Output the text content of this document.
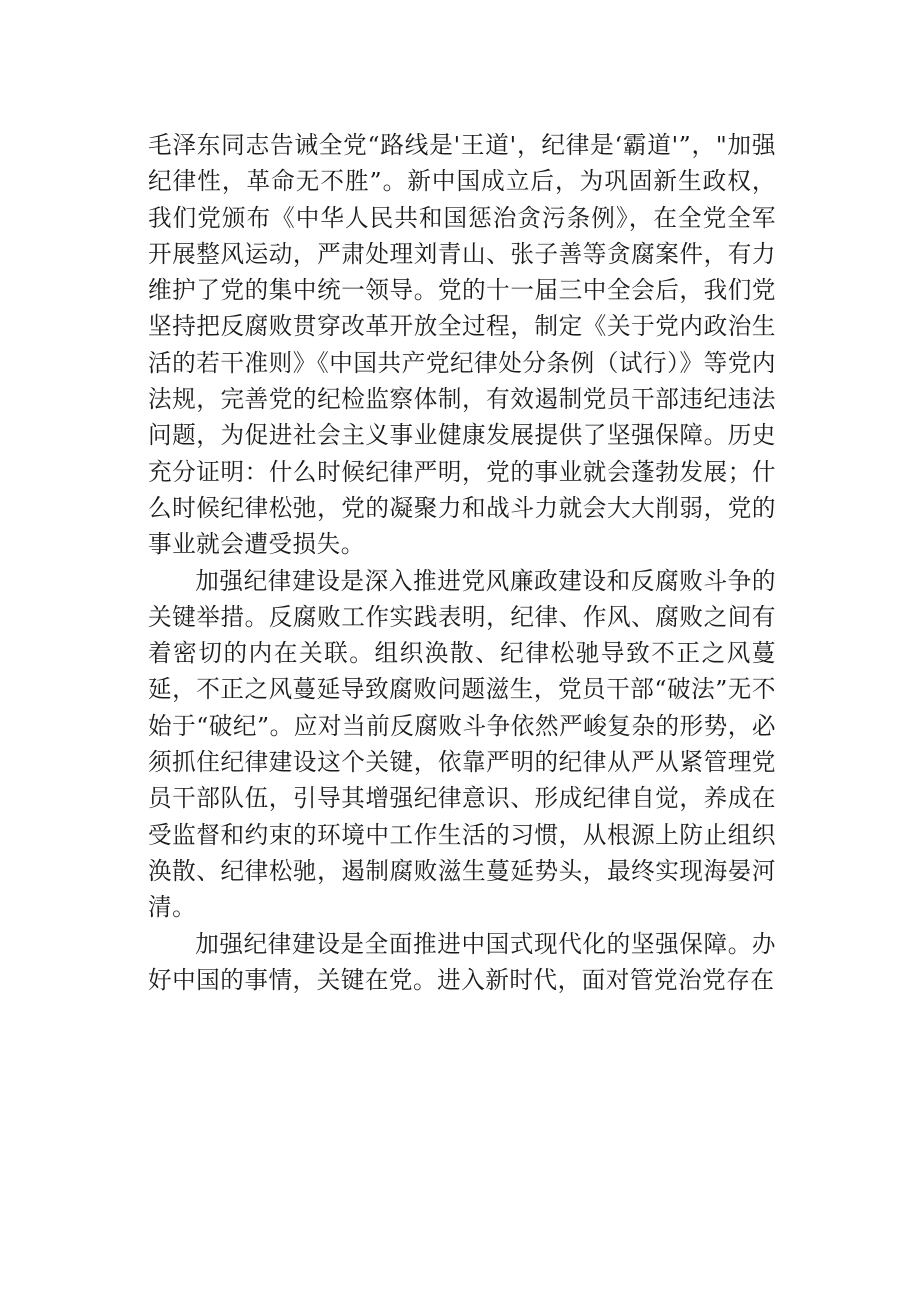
毛泽东同志告诫全党“路线是'王道'，纪律是‘霸道'”，"加强纪律性，革命无不胜”。新中国成立后，为巩固新生政权，我们党颁布《中华人民共和国惩治贪污条例》，在全党全军开展整风运动，严肃处理刘青山、张子善等贪腐案件，有力维护了党的集中统一领导。党的十一届三中全会后，我们党坚持把反腐败贯穿改革开放全过程，制定《关于党内政治生活的若干准则》《中国共产党纪律处分条例（试行）》等党内法规，完善党的纪检监察体制，有效遏制党员干部违纪违法问题，为促进社会主义事业健康发展提供了坚强保障。历史充分证明：什么时候纪律严明，党的事业就会蓬勃发展；什么时候纪律松弛，党的凝聚力和战斗力就会大大削弱，党的事业就会遭受损失。

加强纪律建设是深入推进党风廉政建设和反腐败斗争的关键举措。反腐败工作实践表明，纪律、作风、腐败之间有着密切的内在关联。组织涣散、纪律松驰导致不正之风蔓延，不正之风蔓延导致腐败问题滋生，党员干部“破法”无不始于“破纪”。应对当前反腐败斗争依然严峻复杂的形势，必须抓住纪律建设这个关键，依靠严明的纪律从严从紧管理党员干部队伍，引导其增强纪律意识、形成纪律自觉，养成在受监督和约束的环境中工作生活的习惯，从根源上防止组织涣散、纪律松驰，遏制腐败滋生蔓延势头，最终实现海晏河清。

加强纪律建设是全面推进中国式现代化的坚强保障。办好中国的事情，关键在党。进入新时代，面对管党治党存在
